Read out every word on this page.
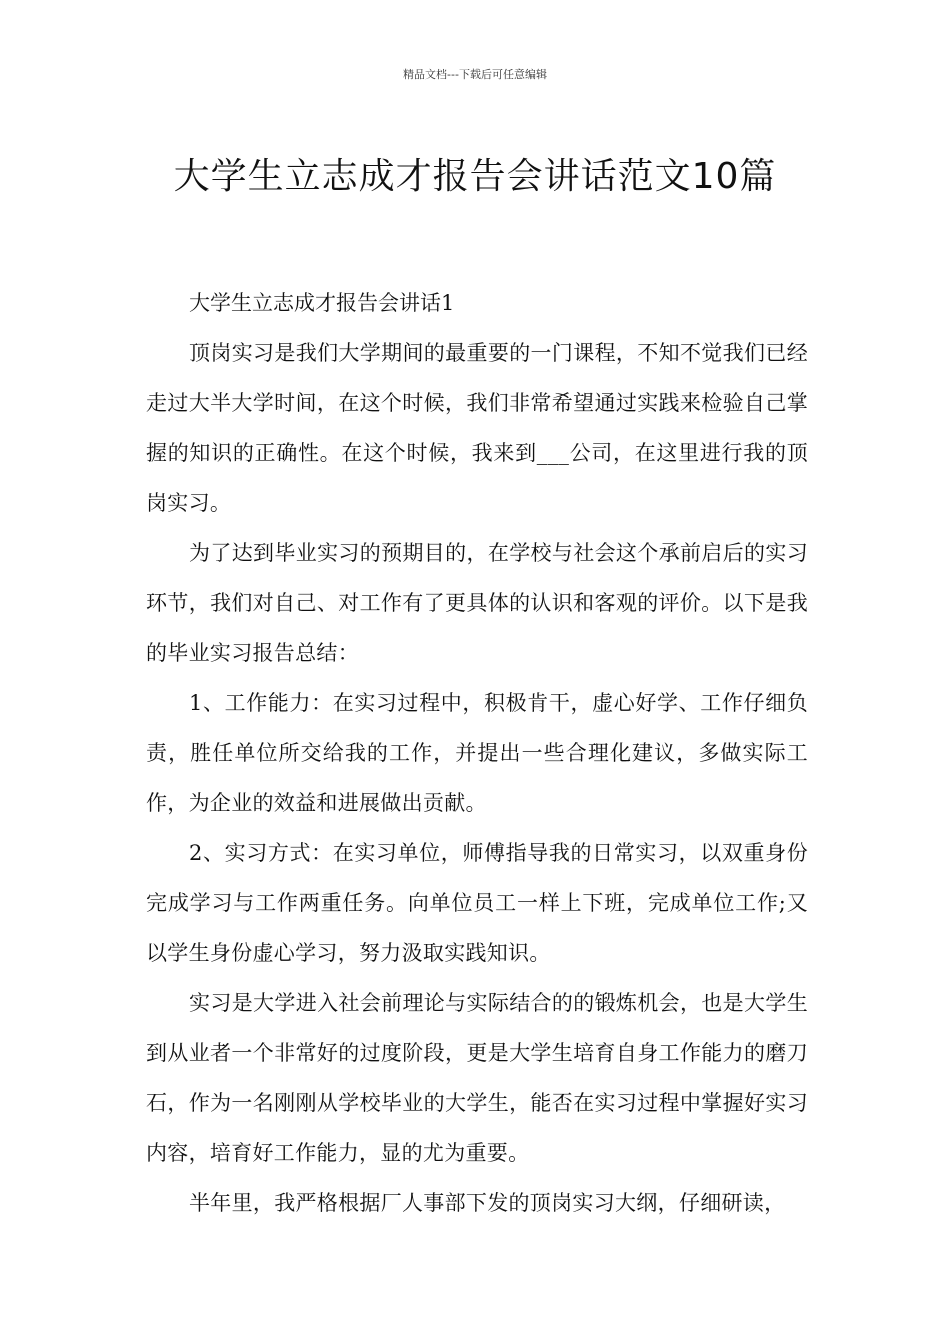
精品文档---下载后可任意编辑
大学生立志成才报告会讲话范文10篇

大学生立志成才报告会讲话1

顶岗实习是我们大学期间的最重要的一门课程，不知不觉我们已经走过大半大学时间，在这个时候，我们非常希望通过实践来检验自己掌握的知识的正确性。在这个时候，我来到___公司，在这里进行我的顶岗实习。

为了达到毕业实习的预期目的，在学校与社会这个承前启后的实习环节，我们对自己、对工作有了更具体的认识和客观的评价。以下是我的毕业实习报告总结：

1、工作能力：在实习过程中，积极肯干，虚心好学、工作仔细负责，胜任单位所交给我的工作，并提出一些合理化建议，多做实际工作，为企业的效益和进展做出贡献。

2、实习方式：在实习单位，师傅指导我的日常实习，以双重身份完成学习与工作两重任务。向单位员工一样上下班，完成单位工作;又以学生身份虚心学习，努力汲取实践知识。

实习是大学进入社会前理论与实际结合的的锻炼机会，也是大学生到从业者一个非常好的过度阶段，更是大学生培育自身工作能力的磨刀石，作为一名刚刚从学校毕业的大学生，能否在实习过程中掌握好实习内容，培育好工作能力，显的尤为重要。

半年里，我严格根据厂人事部下发的顶岗实习大纲，仔细研读，
